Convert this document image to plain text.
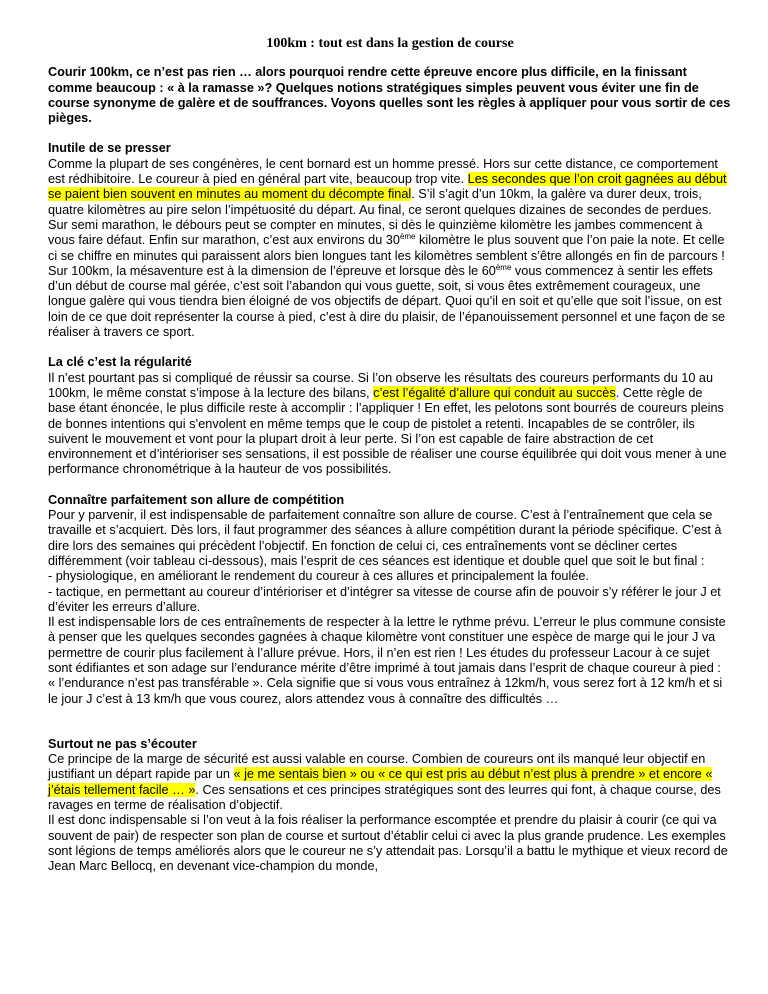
100km : tout est dans la gestion de course
Courir 100km, ce n’est pas rien … alors pourquoi rendre cette épreuve encore plus difficile, en la finissant comme beaucoup : « à la ramasse »? Quelques notions stratégiques simples peuvent vous éviter une fin de course synonyme de galère et de souffrances. Voyons quelles sont les règles à appliquer pour vous sortir de ces pièges.
Inutile de se presser

Comme la plupart de ses congénères, le cent bornard est un homme pressé. Hors sur cette distance, ce comportement est rédhibitoire. Le coureur à pied en général part vite, beaucoup trop vite. Les secondes que l’on croit gagnées au début se paient bien souvent en minutes au moment du décompte final. S’il s’agit d’un 10km, la galère va durer deux, trois, quatre kilomètres au pire selon l’impétuosité du départ. Au final, ce seront quelques dizaines de secondes de perdues. Sur semi marathon, le débours peut se compter en minutes, si dès le quinzième kilomètre les jambes commencent à vous faire défaut. Enfin sur marathon, c’est aux environs du 30ème kilomètre le plus souvent que l’on paie la note. Et celle ci se chiffre en minutes qui paraissent alors bien longues tant les kilomètres semblent s’être allongés en fin de parcours !

Sur 100km, la mésaventure est à la dimension de l’épreuve et lorsque dès le 60ème vous commencez à sentir les effets d’un début de course mal gérée, c’est soit l’abandon qui vous guette, soit, si vous êtes extrêmement courageux, une longue galère qui vous tiendra bien éloigné de vos objectifs de départ. Quoi qu’il en soit et qu’elle que soit l’issue, on est loin de ce que doit représenter la course à pied, c’est à dire du plaisir, de l’épanouissement personnel et une façon de se réaliser à travers ce sport.

La clé c’est la régularité

Il n’est pourtant pas si compliqué de réussir sa course. Si l’on observe les résultats des coureurs performants du 10 au 100km, le même constat s’impose à la lecture des bilans, c’est l’égalité d’allure qui conduit au succès. Cette règle de base étant énoncée, le plus difficile reste à accomplir : l’appliquer ! En effet, les pelotons sont bourrés de coureurs pleins de bonnes intentions qui s’envolent en même temps que le coup de pistolet a retenti. Incapables de se contrôler, ils suivent le mouvement et vont pour la plupart droit à leur perte. Si l’on est capable de faire abstraction de cet environnement et d’intérioriser ses sensations, il est possible de réaliser une course équilibrée qui doit vous mener à une performance chronométrique à la hauteur de vos possibilités.

Connaître parfaitement son allure de compétition

Pour y parvenir, il est indispensable de parfaitement connaître son allure de course. C’est à l’entraînement que cela se travaille et s’acquiert. Dès lors, il faut programmer des séances à allure compétition durant la période spécifique. C’est à dire lors des semaines qui précèdent l’objectif. En fonction de celui ci, ces entraînements vont se décliner certes différemment (voir tableau ci-dessous), mais l’esprit de ces séances est identique et double quel que soit le but final :

- physiologique, en améliorant le rendement du coureur à ces allures et principalement la foulée.

- tactique, en permettant au coureur d’intérioriser et d’intégrer sa vitesse de course afin de pouvoir s’y référer le jour J et d’éviter les erreurs d’allure.

Il est indispensable lors de ces entraînements de respecter à la lettre le rythme prévu. L’erreur le plus commune consiste à penser que les quelques secondes gagnées à chaque kilomètre vont constituer une espèce de marge qui le jour J va permettre de courir plus facilement à l’allure prévue. Hors, il n’en est rien ! Les études du professeur Lacour à ce sujet sont édifiantes et son adage sur l’endurance mérite d’être imprimé à tout jamais dans l’esprit de chaque coureur à pied :

« l’endurance n’est pas transférable ». Cela signifie que si vous vous entraînez à 12km/h, vous serez fort à 12 km/h et si le jour J c’est à 13 km/h que vous courez, alors attendez vous à connaître des difficultés …

Surtout ne pas s’écouter

Ce principe de la marge de sécurité est aussi valable en course. Combien de coureurs ont ils manqué leur objectif en justifiant un départ rapide par un « je me sentais bien » ou « ce qui est pris au début n’est plus à prendre » et encore « j’étais tellement facile … ». Ces sensations et ces principes stratégiques sont des leurres qui font, à chaque course, des ravages en terme de réalisation d’objectif.

Il est donc indispensable si l’on veut à la fois réaliser la performance escomptée et prendre du plaisir à courir (ce qui va souvent de pair) de respecter son plan de course et surtout d’établir celui ci avec la plus grande prudence. Les exemples sont légions de temps améliorés alors que le coureur ne s’y attendait pas. Lorsqu’il a battu le mythique et vieux record de Jean Marc Bellocq, en devenant vice-champion du monde,
